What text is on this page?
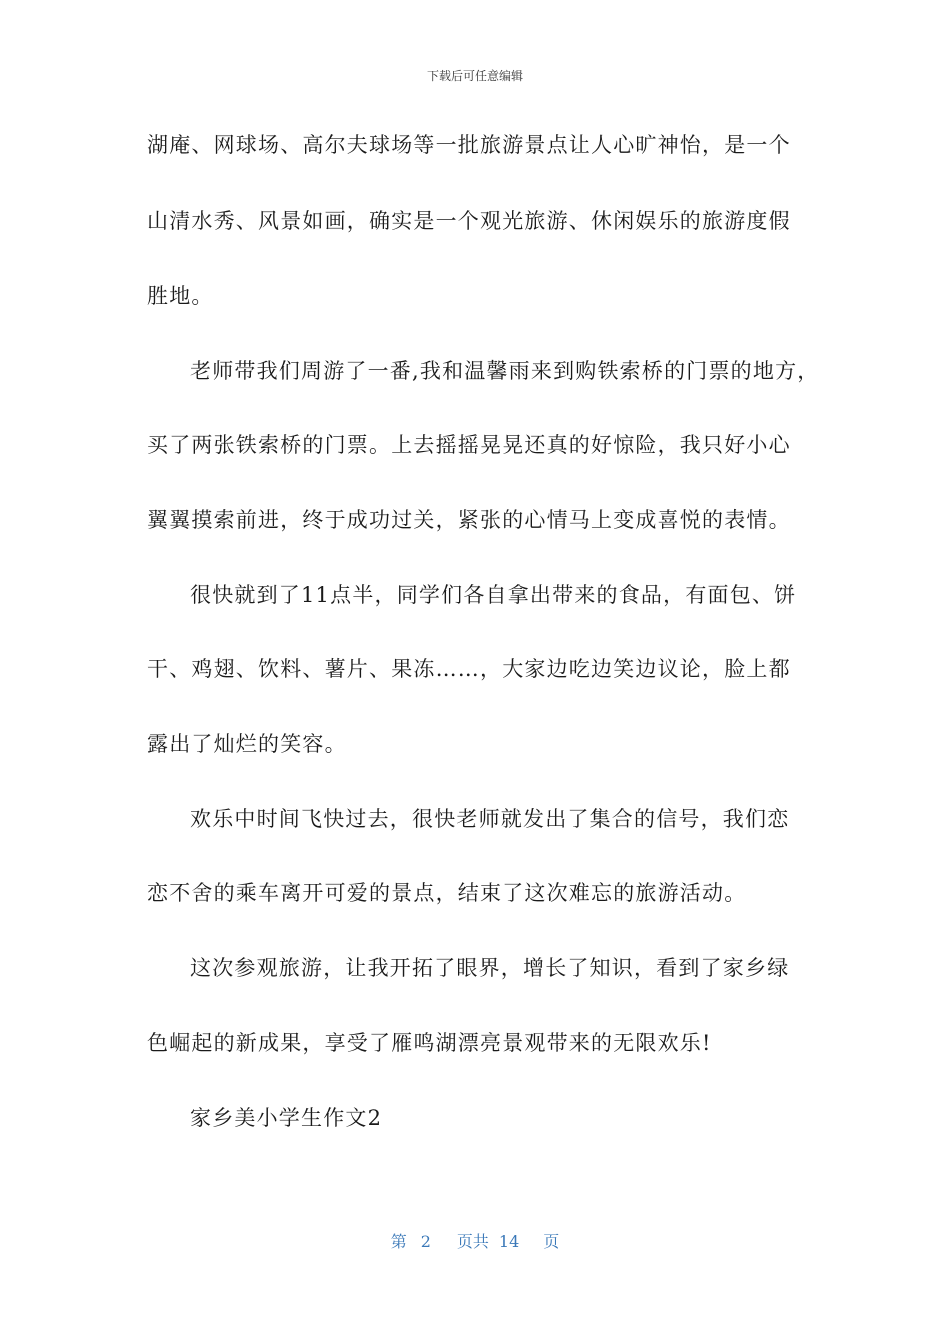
下载后可任意编辑
湖庵、网球场、高尔夫球场等一批旅游景点让人心旷神怡，是一个
山清水秀、风景如画，确实是一个观光旅游、休闲娱乐的旅游度假
胜地。
老师带我们周游了一番,我和温馨雨来到购铁索桥的门票的地方，
买了两张铁索桥的门票。上去摇摇晃晃还真的好惊险，我只好小心
翼翼摸索前进，终于成功过关，紧张的心情马上变成喜悦的表情。
很快就到了11点半，同学们各自拿出带来的食品，有面包、饼
干、鸡翅、饮料、薯片、果冻……，大家边吃边笑边议论，脸上都
露出了灿烂的笑容。
欢乐中时间飞快过去，很快老师就发出了集合的信号，我们恋
恋不舍的乘车离开可爱的景点，结束了这次难忘的旅游活动。
这次参观旅游，让我开拓了眼界，增长了知识，看到了家乡绿
色崛起的新成果，享受了雁鸣湖漂亮景观带来的无限欢乐!
家乡美小学生作文2
第 2 页共 14 页
